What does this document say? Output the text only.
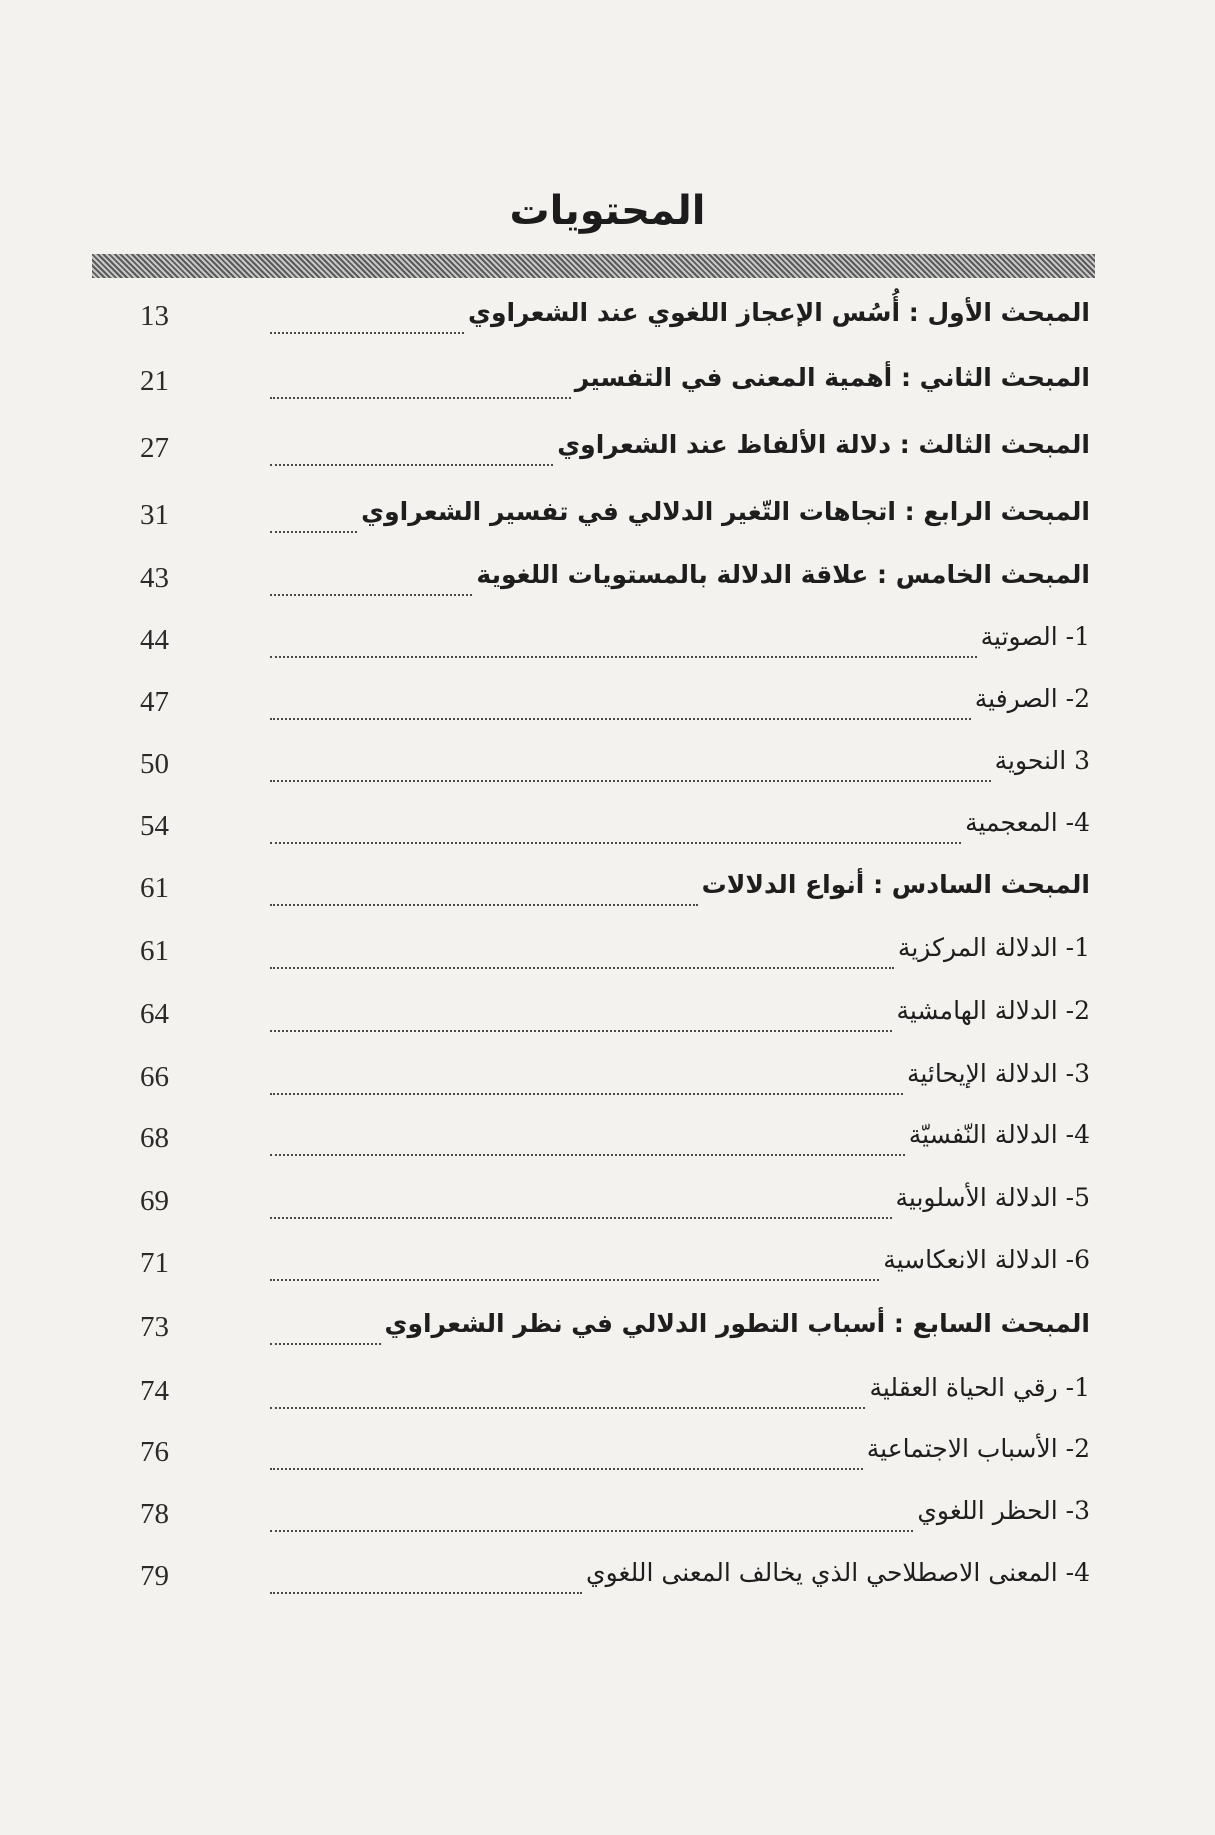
المحتويات
13	المبحث الأول : أُسُس الإعجاز اللغوي عند الشعراوي
21	المبحث الثاني : أهمية المعنى في التفسير
27	المبحث الثالث : دلالة الألفاظ عند الشعراوي
31	المبحث الرابع : اتجاهات التّغير الدلالي في تفسير الشعراوي
43	المبحث الخامس : علاقة الدلالة بالمستويات اللغوية
44	1- الصوتية
47	2- الصرفية
50	3 النحوية
54	4- المعجمية
61	المبحث السادس : أنواع الدلالات
61	1- الدلالة المركزية
64	2- الدلالة الهامشية
66	3- الدلالة الإيحائية
68	4- الدلالة النّفسيّة
69	5- الدلالة الأسلوبية
71	6- الدلالة الانعكاسية
73	المبحث السابع : أسباب التطور الدلالي في نظر الشعراوي
74	1- رقي الحياة العقلية
76	2- الأسباب الاجتماعية
78	3- الحظر اللغوي
79	4- المعنى الاصطلاحي الذي يخالف المعنى اللغوي
